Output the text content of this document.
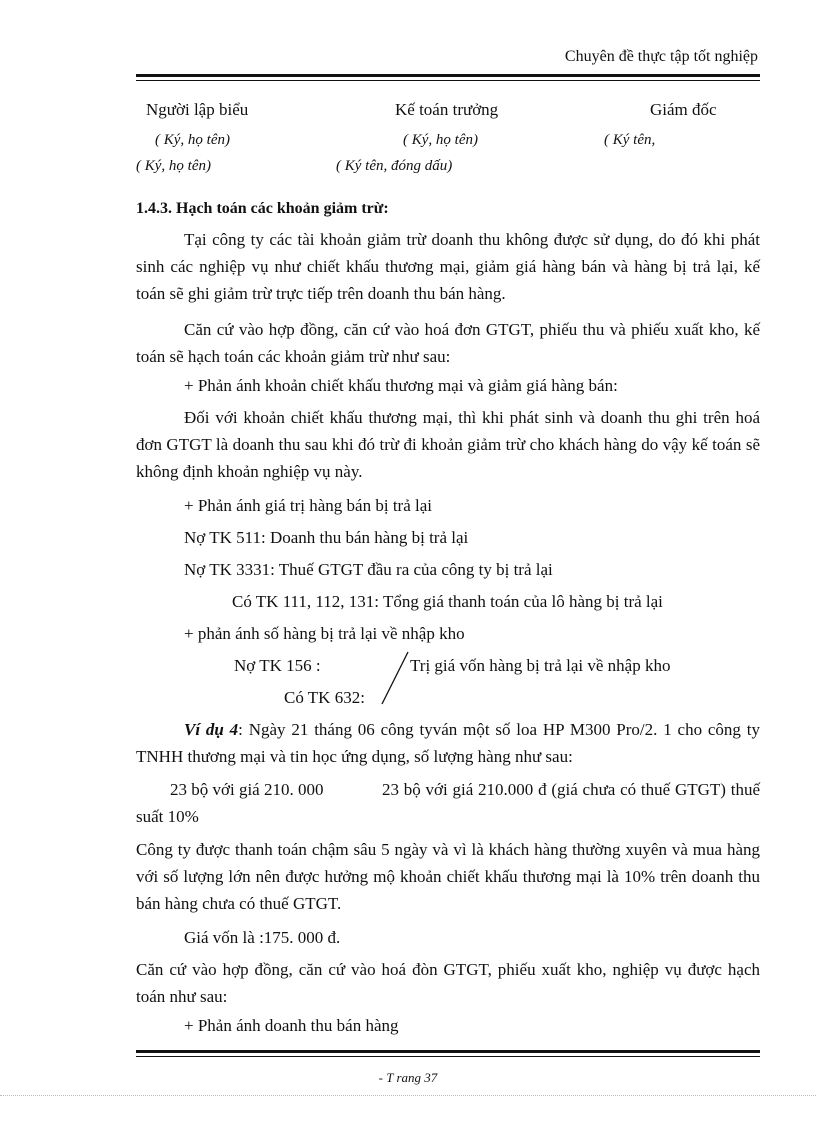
Chuyên đề thực tập tốt nghiệp
Người lập biểu	Kế toán trưởng	Giám đốc
( Ký, họ tên)	( Ký, họ tên)	( Ký tên,
( Ký, họ tên)	( Ký tên, đóng dấu)
1.4.3. Hạch toán các khoản giảm trừ:
Tại công ty các tài khoản giảm trừ doanh thu không được sử dụng, do đó khi phát sinh các nghiệp vụ như chiết khấu thương mại, giảm giá hàng bán và hàng bị trả lại, kế toán sẽ ghi giảm trừ trực tiếp trên doanh thu bán hàng.
Căn cứ vào hợp đồng, căn cứ vào hoá đơn GTGT, phiếu thu và phiếu xuất kho, kế toán sẽ hạch toán các khoản giảm trừ như sau:
+ Phản ánh khoản chiết khấu thương mại và giảm giá hàng bán:
Đối với khoản chiết khấu thương mại, thì khi phát sinh và doanh thu ghi trên hoá đơn GTGT là doanh thu sau khi đó trừ đi khoản giảm trừ cho khách hàng do vậy kế toán sẽ không định khoản nghiệp vụ này.
+ Phản ánh giá trị hàng bán bị trả lại
Nợ TK 511: Doanh thu bán hàng bị trả lại
Nợ TK 3331: Thuế GTGT đầu ra của công ty bị trả lại
Có TK 111, 112, 131: Tổng giá thanh toán của lô hàng bị trả lại
+ phản ánh số hàng bị trả lại về nhập kho
Nợ TK 156 :	Trị giá vốn hàng bị trả lại về nhập kho
Có TK 632:
Ví dụ 4: Ngày 21 tháng 06 công tyván một số loa HP M300 Pro/2. 1 cho công ty TNHH thương mại và tin học ứng dụng, số lượng hàng như sau:
23 bộ với giá 210. 000	23 bộ với giá 210.000 đ (giá chưa có thuế GTGT) thuế suất 10%
Công ty được thanh toán chậm sâu 5 ngày và vì là khách hàng thường xuyên và mua hàng với số lượng lớn nên được hưởng mộ khoản chiết khấu thương mại là 10% trên doanh thu bán hàng chưa có thuế GTGT.
Giá vốn là :175. 000 đ.
Căn cứ vào hợp đồng, căn cứ vào hoá đòn GTGT, phiếu xuất kho, nghiệp vụ được hạch toán như sau:
+ Phản ánh doanh thu bán hàng
- T rang 37
